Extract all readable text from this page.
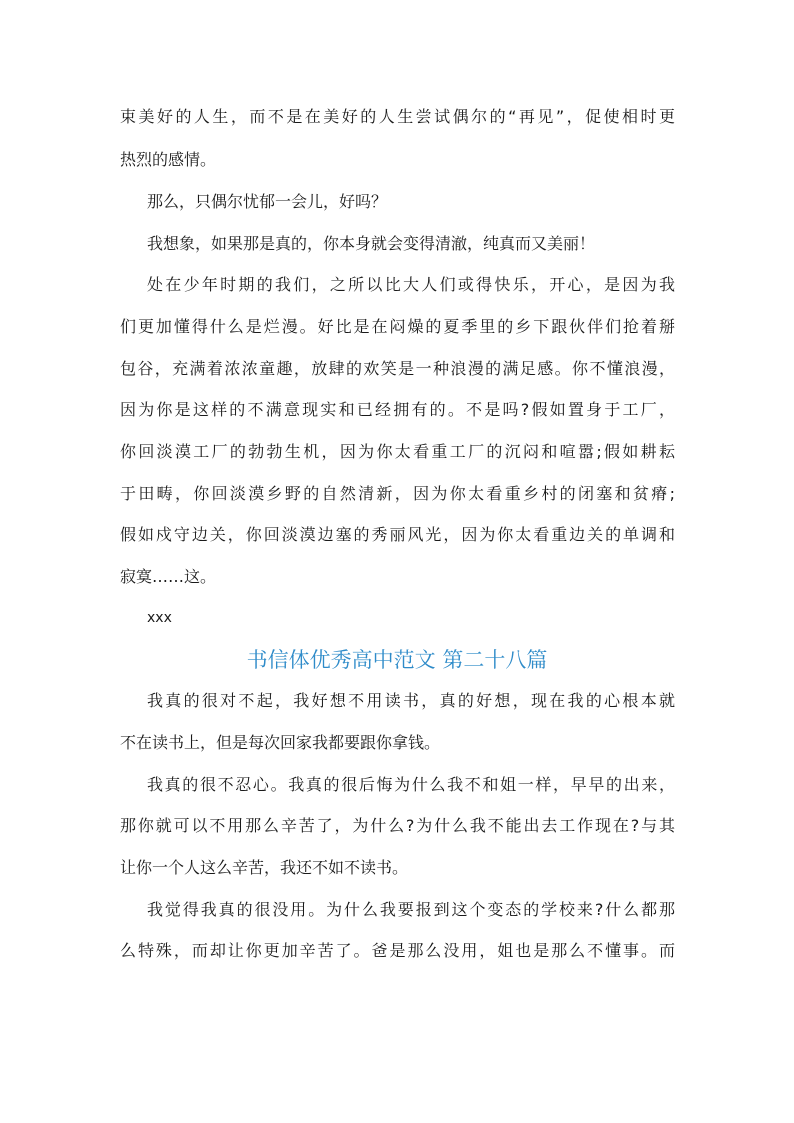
束美好的人生，而不是在美好的人生尝试偶尔的“再见”，促使相时更
热烈的感情。
那么，只偶尔忧郁一会儿，好吗？
我想象，如果那是真的，你本身就会变得清澈，纯真而又美丽！
处在少年时期的我们，之所以比大人们或得快乐，开心，是因为我
们更加懂得什么是烂漫。好比是在闷燥的夏季里的乡下跟伙伴们抢着掰
包谷，充满着浓浓童趣，放肆的欢笑是一种浪漫的满足感。你不懂浪漫，
因为你是这样的不满意现实和已经拥有的。不是吗?假如置身于工厂，
你回淡漠工厂的勃勃生机，因为你太看重工厂的沉闷和喧嚣;假如耕耘
于田畴，你回淡漠乡野的自然清新，因为你太看重乡村的闭塞和贫瘠;
假如戍守边关，你回淡漠边塞的秀丽风光，因为你太看重边关的单调和
寂寞……这。
xxx
书信体优秀高中范文 第二十八篇
我真的很对不起，我好想不用读书，真的好想，现在我的心根本就
不在读书上，但是每次回家我都要跟你拿钱。
我真的很不忍心。我真的很后悔为什么我不和姐一样，早早的出来，
那你就可以不用那么辛苦了，为什么?为什么我不能出去工作现在?与其
让你一个人这么辛苦，我还不如不读书。
我觉得我真的很没用。为什么我要报到这个变态的学校来?什么都那
么特殊，而却让你更加辛苦了。爸是那么没用，姐也是那么不懂事。而
